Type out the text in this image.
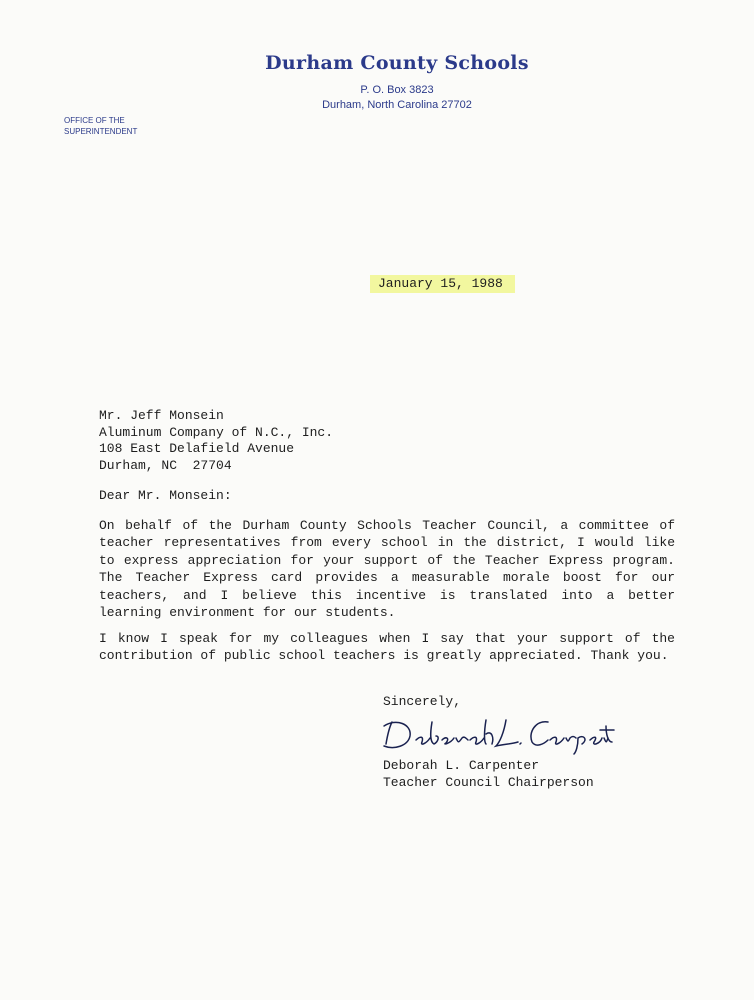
Durham County Schools
P. O. Box 3823
Durham, North Carolina 27702
OFFICE OF THE
SUPERINTENDENT
January 15, 1988
Mr. Jeff Monsein
Aluminum Company of N.C., Inc.
108 East Delafield Avenue
Durham, NC  27704
Dear Mr. Monsein:
On behalf of the Durham County Schools Teacher Council, a committee of teacher representatives from every school in the district, I would like to express appreciation for your support of the Teacher Express program. The Teacher Express card provides a measurable morale boost for our teachers, and I believe this incentive is translated into a better learning environment for our students.
I know I speak for my colleagues when I say that your support of the contribution of public school teachers is greatly appreciated. Thank you.
Sincerely,
Deborah L. Carpenter
Teacher Council Chairperson
